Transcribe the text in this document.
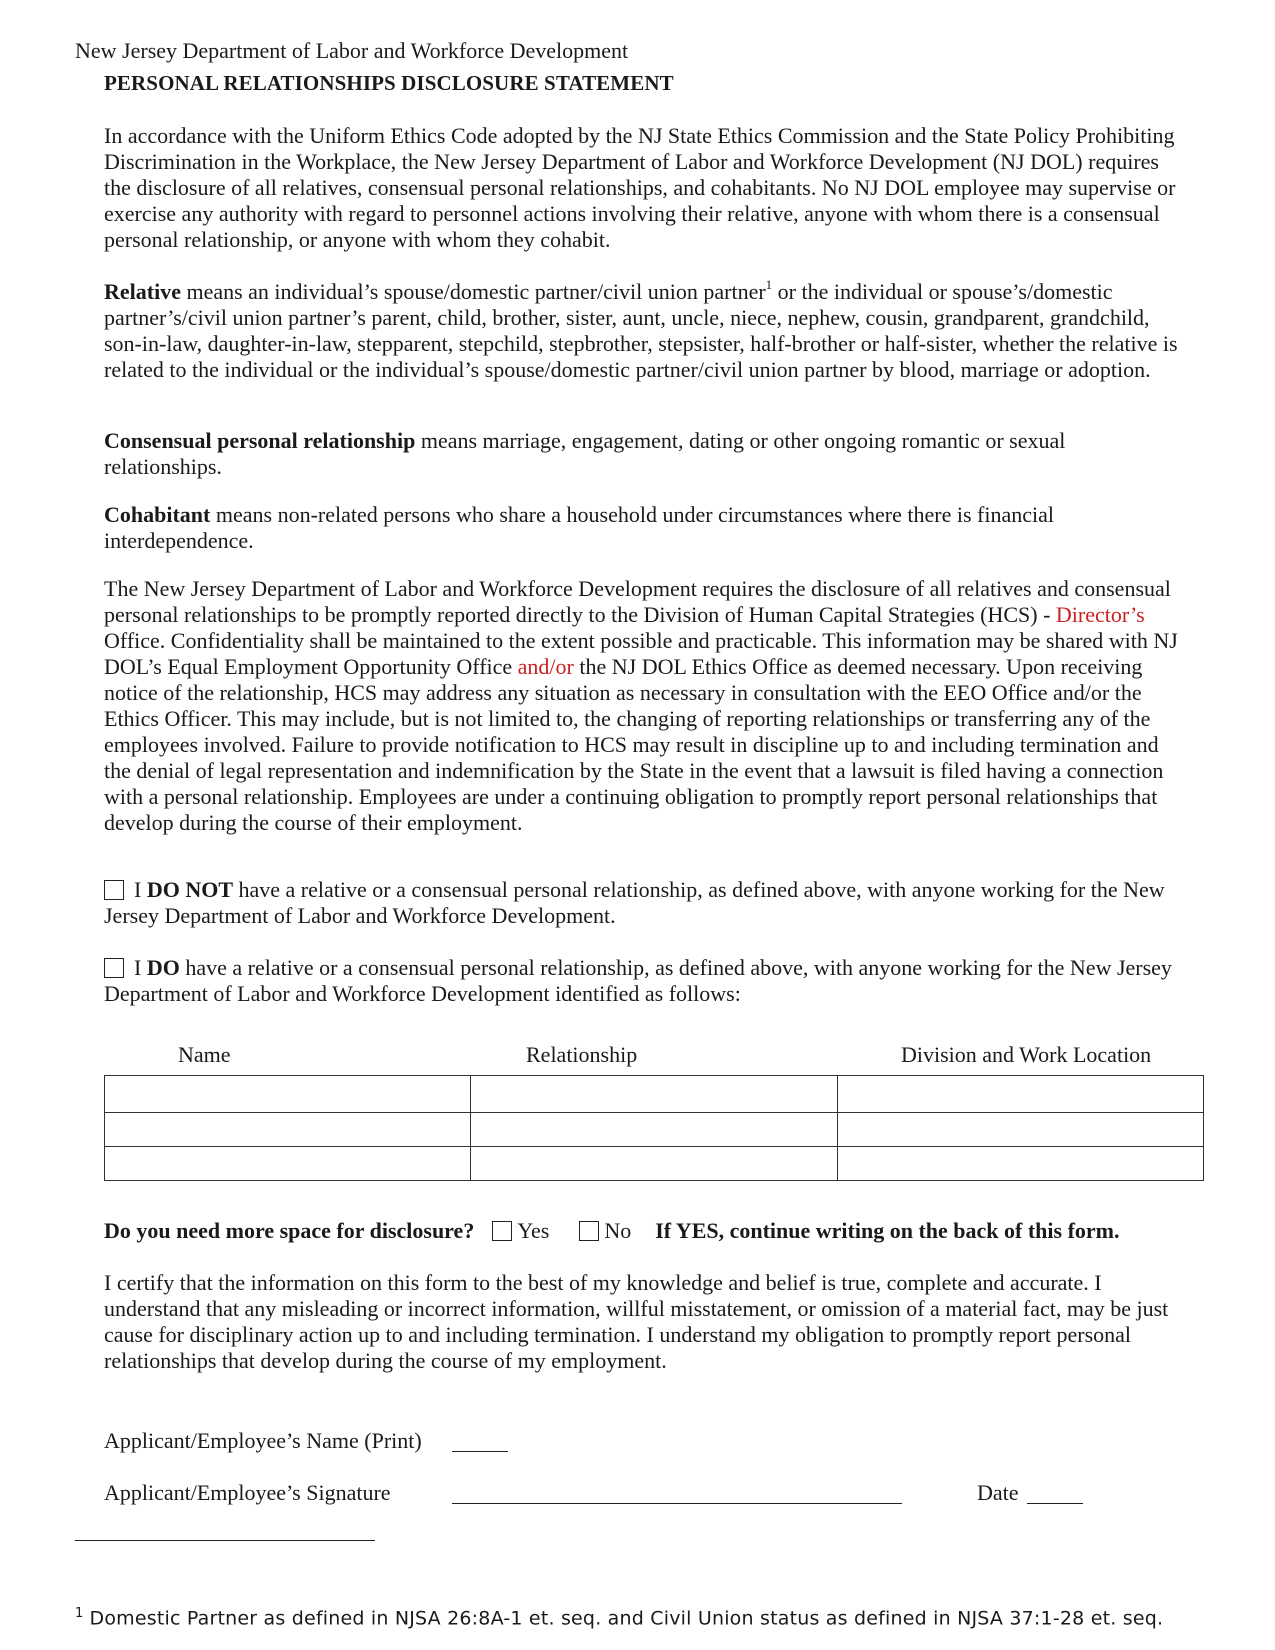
New Jersey Department of Labor and Workforce Development
PERSONAL RELATIONSHIPS DISCLOSURE STATEMENT
In accordance with the Uniform Ethics Code adopted by the NJ State Ethics Commission and the State Policy Prohibiting Discrimination in the Workplace, the New Jersey Department of Labor and Workforce Development (NJ DOL) requires the disclosure of all relatives, consensual personal relationships, and cohabitants. No NJ DOL employee may supervise or exercise any authority with regard to personnel actions involving their relative, anyone with whom there is a consensual personal relationship, or anyone with whom they cohabit.
Relative means an individual’s spouse/domestic partner/civil union partner$^1$ or the individual or spouse’s/domestic partner’s/civil union partner’s parent, child, brother, sister, aunt, uncle, niece, nephew, cousin, grandparent, grandchild, son-in-law, daughter-in-law, stepparent, stepchild, stepbrother, stepsister, half-brother or half-sister, whether the relative is related to the individual or the individual’s spouse/domestic partner/civil union partner by blood, marriage or adoption.
Consensual personal relationship means marriage, engagement, dating or other ongoing romantic or sexual relationships.
Cohabitant means non-related persons who share a household under circumstances where there is financial interdependence.
The New Jersey Department of Labor and Workforce Development requires the disclosure of all relatives and consensual personal relationships to be promptly reported directly to the Division of Human Capital Strategies (HCS) - Director’s Office. Confidentiality shall be maintained to the extent possible and practicable. This information may be shared with NJ DOL’s Equal Employment Opportunity Office and/or the NJ DOL Ethics Office as deemed necessary. Upon receiving notice of the relationship, HCS may address any situation as necessary in consultation with the EEO Office and/or the Ethics Officer. This may include, but is not limited to, the changing of reporting relationships or transferring any of the employees involved. Failure to provide notification to HCS may result in discipline up to and including termination and the denial of legal representation and indemnification by the State in the event that a lawsuit is filed having a connection with a personal relationship. Employees are under a continuing obligation to promptly report personal relationships that develop during the course of their employment.
I DO NOT have a relative or a consensual personal relationship, as defined above, with anyone working for the New Jersey Department of Labor and Workforce Development.
I DO have a relative or a consensual personal relationship, as defined above, with anyone working for the New Jersey Department of Labor and Workforce Development identified as follows:
Name	Relationship	Division and Work Location

Do you need more space for disclosure? Yes	No If YES, continue writing on the back of this form.
I certify that the information on this form to the best of my knowledge and belief is true, complete and accurate. I understand that any misleading or incorrect information, willful misstatement, or omission of a material fact, may be just cause for disciplinary action up to and including termination. I understand my obligation to promptly report personal relationships that develop during the course of my employment.
Applicant/Employee’s Name (Print)
Applicant/Employee’s Signature	Date
$^1$ Domestic Partner as defined in NJSA 26:8A-1 et. seq. and Civil Union status as defined in NJSA 37:1-28 et. seq.
